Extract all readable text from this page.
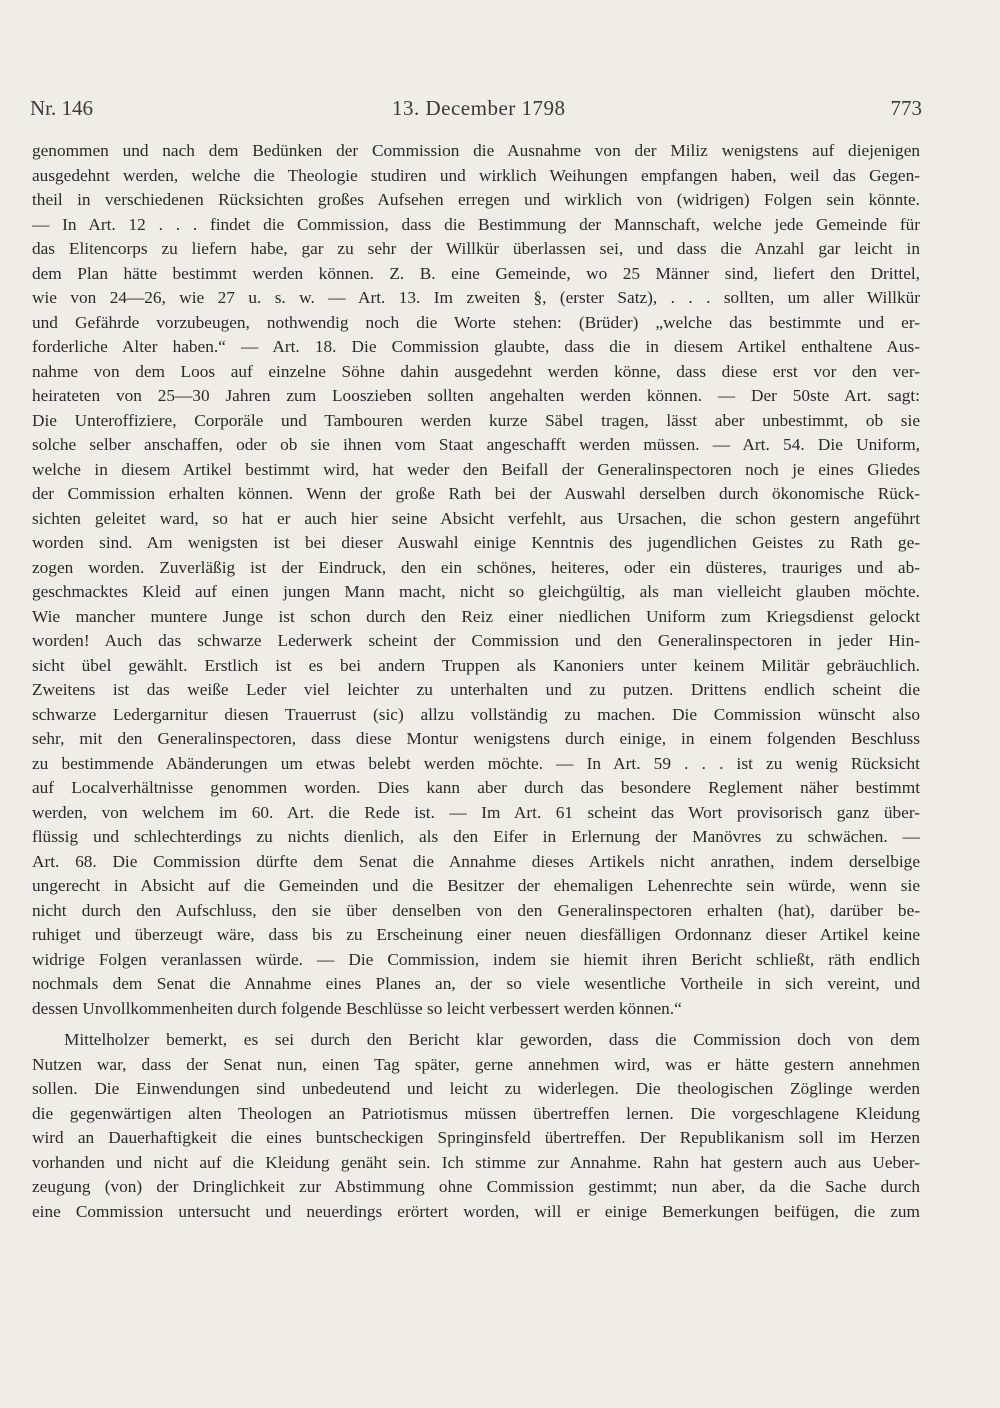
Nr. 146	13. December 1798	773
genommen und nach dem Bedünken der Commission die Ausnahme von der Miliz wenigstens auf diejenigen
ausgedehnt werden, welche die Theologie studiren und wirklich Weihungen empfangen haben, weil das Gegen-
theil in verschiedenen Rücksichten großes Aufsehen erregen und wirklich von (widrigen) Folgen sein könnte.
— In Art. 12 . . . findet die Commission, dass die Bestimmung der Mannschaft, welche jede Gemeinde für
das Elitencorps zu liefern habe, gar zu sehr der Willkür überlassen sei, und dass die Anzahl gar leicht in
dem Plan hätte bestimmt werden können. Z. B. eine Gemeinde, wo 25 Männer sind, liefert den Drittel,
wie von 24—26, wie 27 u. s. w. — Art. 13. Im zweiten §, (erster Satz), . . . sollten, um aller Willkür
und Gefährde vorzubeugen, nothwendig noch die Worte stehen: (Brüder) „welche das bestimmte und er-
forderliche Alter haben.“ — Art. 18. Die Commission glaubte, dass die in diesem Artikel enthaltene Aus-
nahme von dem Loos auf einzelne Söhne dahin ausgedehnt werden könne, dass diese erst vor den ver-
heirateten von 25—30 Jahren zum Looszieben sollten angehalten werden können. — Der 50ste Art. sagt:
Die Unteroffiziere, Corporäle und Tambouren werden kurze Säbel tragen, lässt aber unbestimmt, ob sie
solche selber anschaffen, oder ob sie ihnen vom Staat angeschafft werden müssen. — Art. 54. Die Uniform,
welche in diesem Artikel bestimmt wird, hat weder den Beifall der Generalinspectoren noch je eines Gliedes
der Commission erhalten können. Wenn der große Rath bei der Auswahl derselben durch ökonomische Rück-
sichten geleitet ward, so hat er auch hier seine Absicht verfehlt, aus Ursachen, die schon gestern angeführt
worden sind. Am wenigsten ist bei dieser Auswahl einige Kenntnis des jugendlichen Geistes zu Rath ge-
zogen worden. Zuverläßig ist der Eindruck, den ein schönes, heiteres, oder ein düsteres, trauriges und ab-
geschmacktes Kleid auf einen jungen Mann macht, nicht so gleichgültig, als man vielleicht glauben möchte.
Wie mancher muntere Junge ist schon durch den Reiz einer niedlichen Uniform zum Kriegsdienst gelockt
worden! Auch das schwarze Lederwerk scheint der Commission und den Generalinspectoren in jeder Hin-
sicht übel gewählt. Erstlich ist es bei andern Truppen als Kanoniers unter keinem Militär gebräuchlich.
Zweitens ist das weiße Leder viel leichter zu unterhalten und zu putzen. Drittens endlich scheint die
schwarze Ledergarnitur diesen Trauerrust (sic) allzu vollständig zu machen. Die Commission wünscht also
sehr, mit den Generalinspectoren, dass diese Montur wenigstens durch einige, in einem folgenden Beschluss
zu bestimmende Abänderungen um etwas belebt werden möchte. — In Art. 59 . . . ist zu wenig Rücksicht
auf Localverhältnisse genommen worden. Dies kann aber durch das besondere Reglement näher bestimmt
werden, von welchem im 60. Art. die Rede ist. — Im Art. 61 scheint das Wort provisorisch ganz über-
flüssig und schlechterdings zu nichts dienlich, als den Eifer in Erlernung der Manövres zu schwächen. —
Art. 68. Die Commission dürfte dem Senat die Annahme dieses Artikels nicht anrathen, indem derselbige
ungerecht in Absicht auf die Gemeinden und die Besitzer der ehemaligen Lehenrechte sein würde, wenn sie
nicht durch den Aufschluss, den sie über denselben von den Generalinspectoren erhalten (hat), darüber be-
ruhiget und überzeugt wäre, dass bis zu Erscheinung einer neuen diesfälligen Ordonnanz dieser Artikel keine
widrige Folgen veranlassen würde. — Die Commission, indem sie hiemit ihren Bericht schließt, räth endlich
nochmals dem Senat die Annahme eines Planes an, der so viele wesentliche Vortheile in sich vereint, und
dessen Unvollkommenheiten durch folgende Beschlüsse so leicht verbessert werden können.“
Mittelholzer bemerkt, es sei durch den Bericht klar geworden, dass die Commission doch von dem
Nutzen war, dass der Senat nun, einen Tag später, gerne annehmen wird, was er hätte gestern annehmen
sollen. Die Einwendungen sind unbedeutend und leicht zu widerlegen. Die theologischen Zöglinge werden
die gegenwärtigen alten Theologen an Patriotismus müssen übertreffen lernen. Die vorgeschlagene Kleidung
wird an Dauerhaftigkeit die eines buntscheckigen Springinsfeld übertreffen. Der Republikanism soll im Herzen
vorhanden und nicht auf die Kleidung genäht sein. Ich stimme zur Annahme. Rahn hat gestern auch aus Ueber-
zeugung (von) der Dringlichkeit zur Abstimmung ohne Commission gestimmt; nun aber, da die Sache durch
eine Commission untersucht und neuerdings erörtert worden, will er einige Bemerkungen beifügen, die zum
